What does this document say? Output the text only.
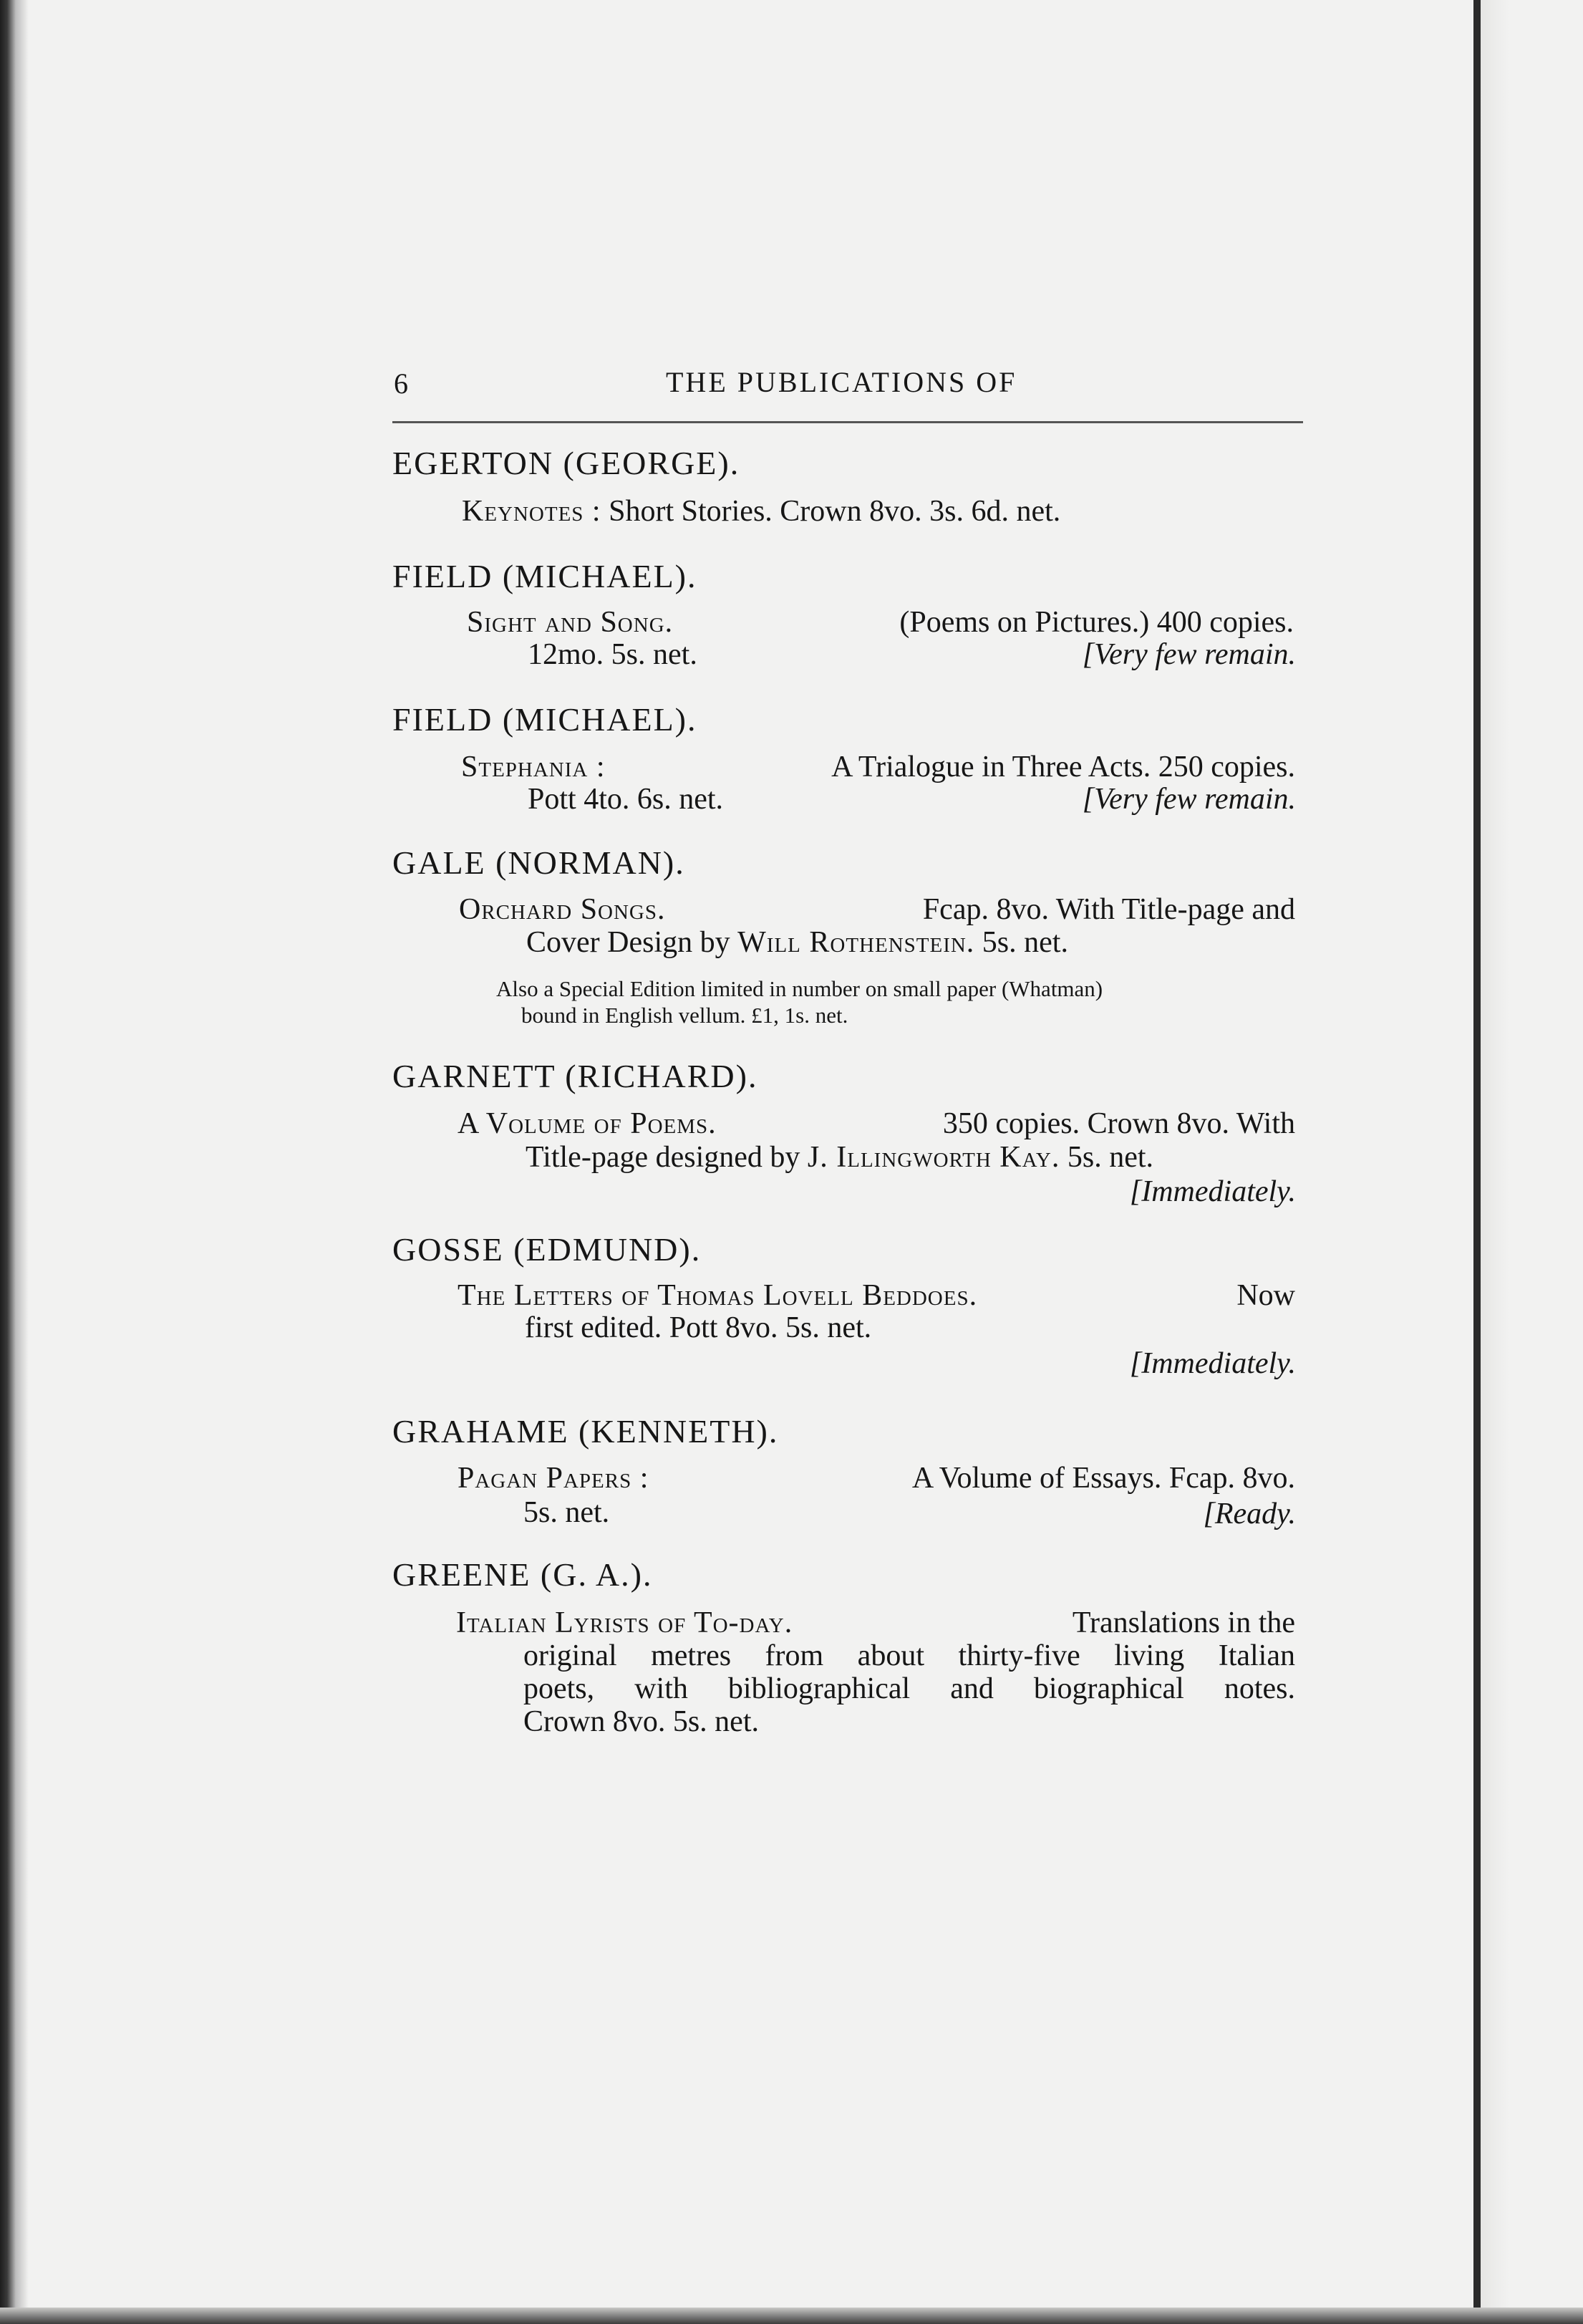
6	THE PUBLICATIONS OF
EGERTON (GEORGE).
Keynotes : Short Stories. Crown 8vo. 3s. 6d. net.
FIELD (MICHAEL).
Sight and Song.	(Poems on Pictures.) 400 copies.
12mo. 5s. net.	[Very few remain.
FIELD (MICHAEL).
Stephania :	A Trialogue in Three Acts. 250 copies.
Pott 4to. 6s. net.	[Very few remain.
GALE (NORMAN).
Orchard Songs.	Fcap. 8vo. With Title-page and
Cover Design by Will Rothenstein. 5s. net.
Also a Special Edition limited in number on small paper (Whatman)
bound in English vellum. £1, 1s. net.
GARNETT (RICHARD).
A Volume of Poems.	350 copies. Crown 8vo. With
Title-page designed by J. Illingworth Kay. 5s. net.
[Immediately.
GOSSE (EDMUND).
The Letters of Thomas Lovell Beddoes.	Now
first edited. Pott 8vo. 5s. net.
[Immediately.
GRAHAME (KENNETH).
Pagan Papers :	A Volume of Essays. Fcap. 8vo.
5s. net.	[Ready.
GREENE (G. A.).
Italian Lyrists of To-day.	Translations in the
original metres from about thirty-five living Italian
poets, with bibliographical and biographical notes.
Crown 8vo. 5s. net.
